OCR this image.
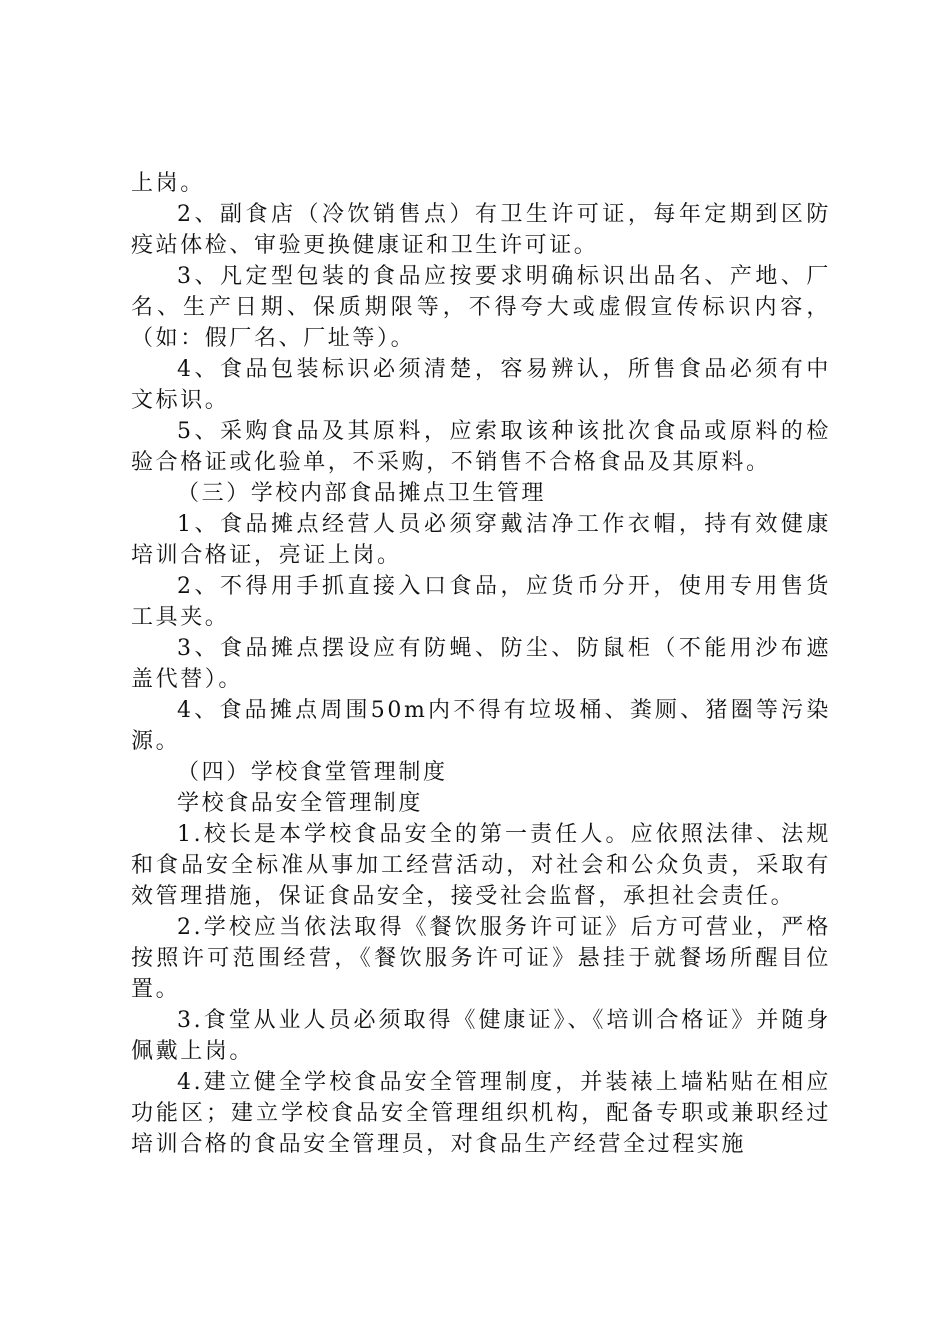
上岗。

2、副食店（冷饮销售点）有卫生许可证，每年定期到区防疫站体检、审验更换健康证和卫生许可证。

3、凡定型包装的食品应按要求明确标识出品名、产地、厂名、生产日期、保质期限等，不得夸大或虚假宣传标识内容，（如：假厂名、厂址等）。

4、食品包装标识必须清楚，容易辨认，所售食品必须有中文标识。

5、采购食品及其原料，应索取该种该批次食品或原料的检验合格证或化验单，不采购，不销售不合格食品及其原料。

（三）学校内部食品摊点卫生管理

1、食品摊点经营人员必须穿戴洁净工作衣帽，持有效健康培训合格证，亮证上岗。

2、不得用手抓直接入口食品，应货币分开，使用专用售货工具夹。

3、食品摊点摆设应有防蝇、防尘、防鼠柜（不能用沙布遮盖代替）。

4、食品摊点周围50m内不得有垃圾桶、粪厕、猪圈等污染源。

（四）学校食堂管理制度

学校食品安全管理制度

1.校长是本学校食品安全的第一责任人。应依照法律、法规和食品安全标准从事加工经营活动，对社会和公众负责，采取有效管理措施，保证食品安全，接受社会监督，承担社会责任。

2.学校应当依法取得《餐饮服务许可证》后方可营业，严格按照许可范围经营，《餐饮服务许可证》悬挂于就餐场所醒目位置。

3.食堂从业人员必须取得《健康证》、《培训合格证》并随身佩戴上岗。

4.建立健全学校食品安全管理制度，并装裱上墙粘贴在相应功能区；建立学校食品安全管理组织机构，配备专职或兼职经过培训合格的食品安全管理员，对食品生产经营全过程实施
